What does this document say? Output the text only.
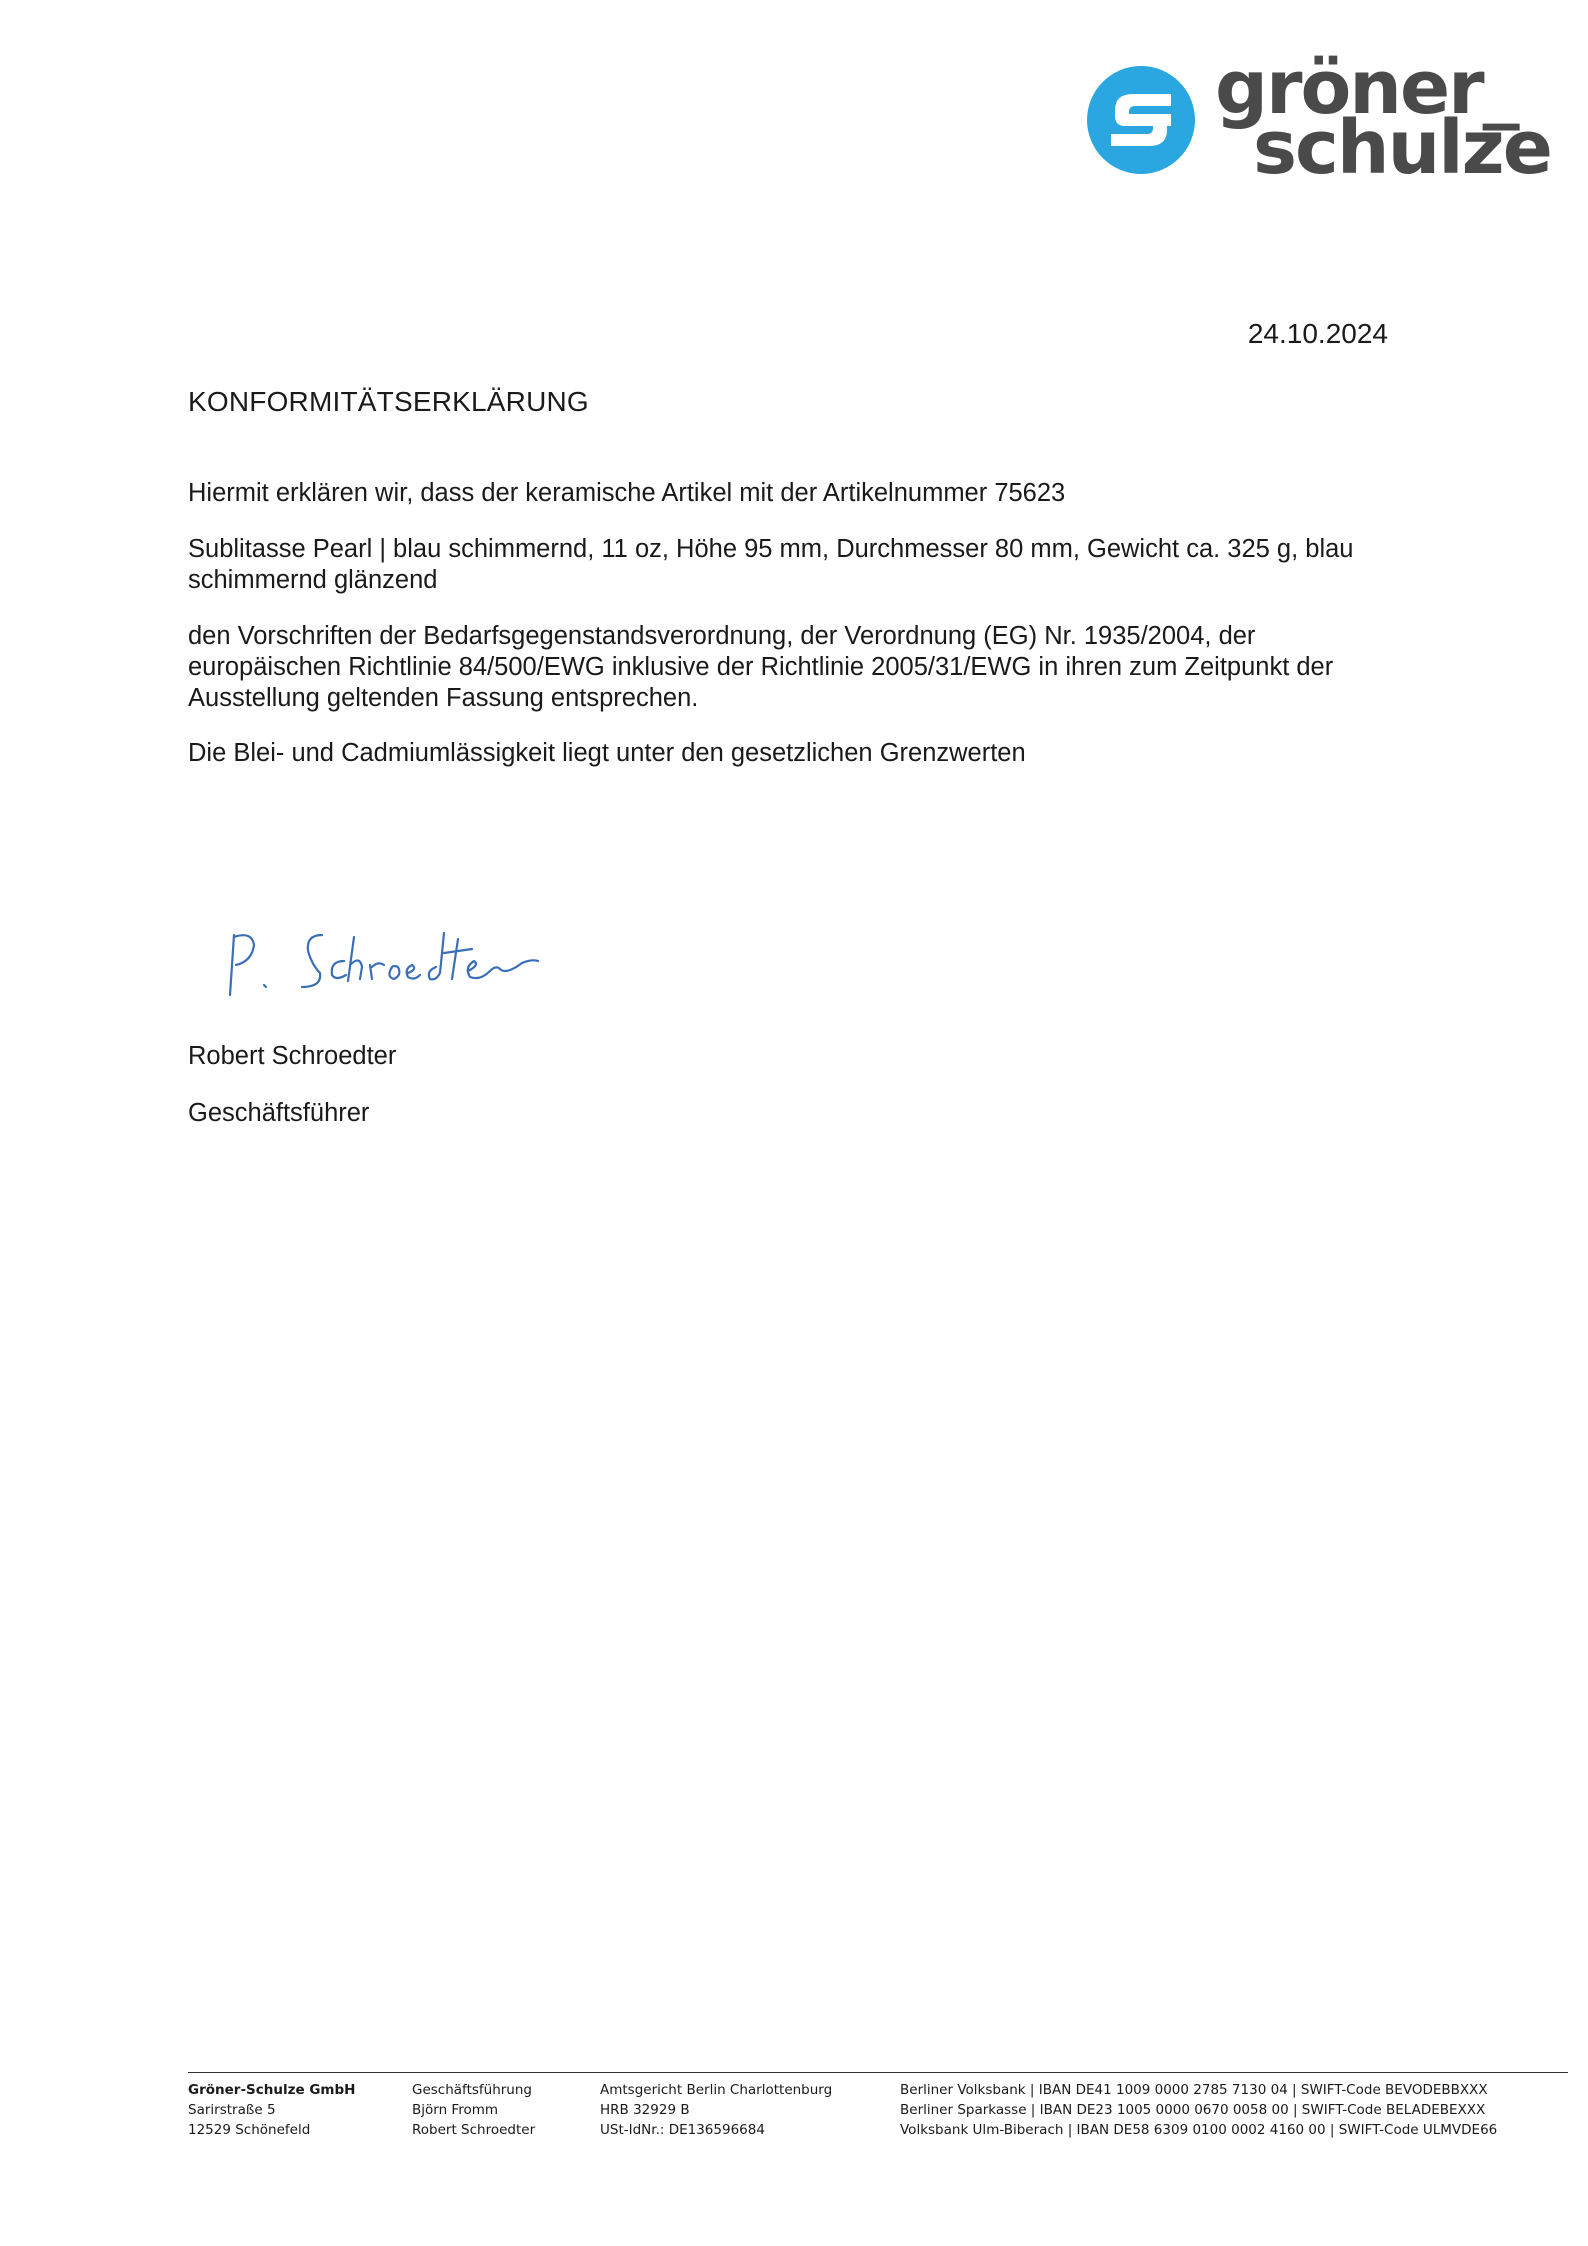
gröner_
schulze
24.10.2024
KONFORMITÄTSERKLÄRUNG

Hiermit erklären wir, dass der keramische Artikel mit der Artikelnummer 75623

Sublitasse Pearl | blau schimmernd, 11 oz, Höhe 95 mm, Durchmesser 80 mm, Gewicht ca. 325 g, blau schimmernd glänzend

den Vorschriften der Bedarfsgegenstandsverordnung, der Verordnung (EG) Nr. 1935/2004, der europäischen Richtlinie 84/500/EWG inklusive der Richtlinie 2005/31/EWG in ihren zum Zeitpunkt der Ausstellung geltenden Fassung entsprechen.

Die Blei- und Cadmiumlässigkeit liegt unter den gesetzlichen Grenzwerten

Robert Schroedter
Geschäftsführer
Gröner-Schulze GmbH
Sarirstraße 5
12529 Schönefeld
Geschäftsführung
Björn Fromm
Robert Schroedter
Amtsgericht Berlin Charlottenburg
HRB 32929 B
USt-IdNr.: DE136596684
Berliner Volksbank | IBAN DE41 1009 0000 2785 7130 04 | SWIFT-Code BEVODEBBXXX
Berliner Sparkasse | IBAN DE23 1005 0000 0670 0058 00 | SWIFT-Code BELADEBEXXX
Volksbank Ulm-Biberach | IBAN DE58 6309 0100 0002 4160 00 | SWIFT-Code ULMVDE66
